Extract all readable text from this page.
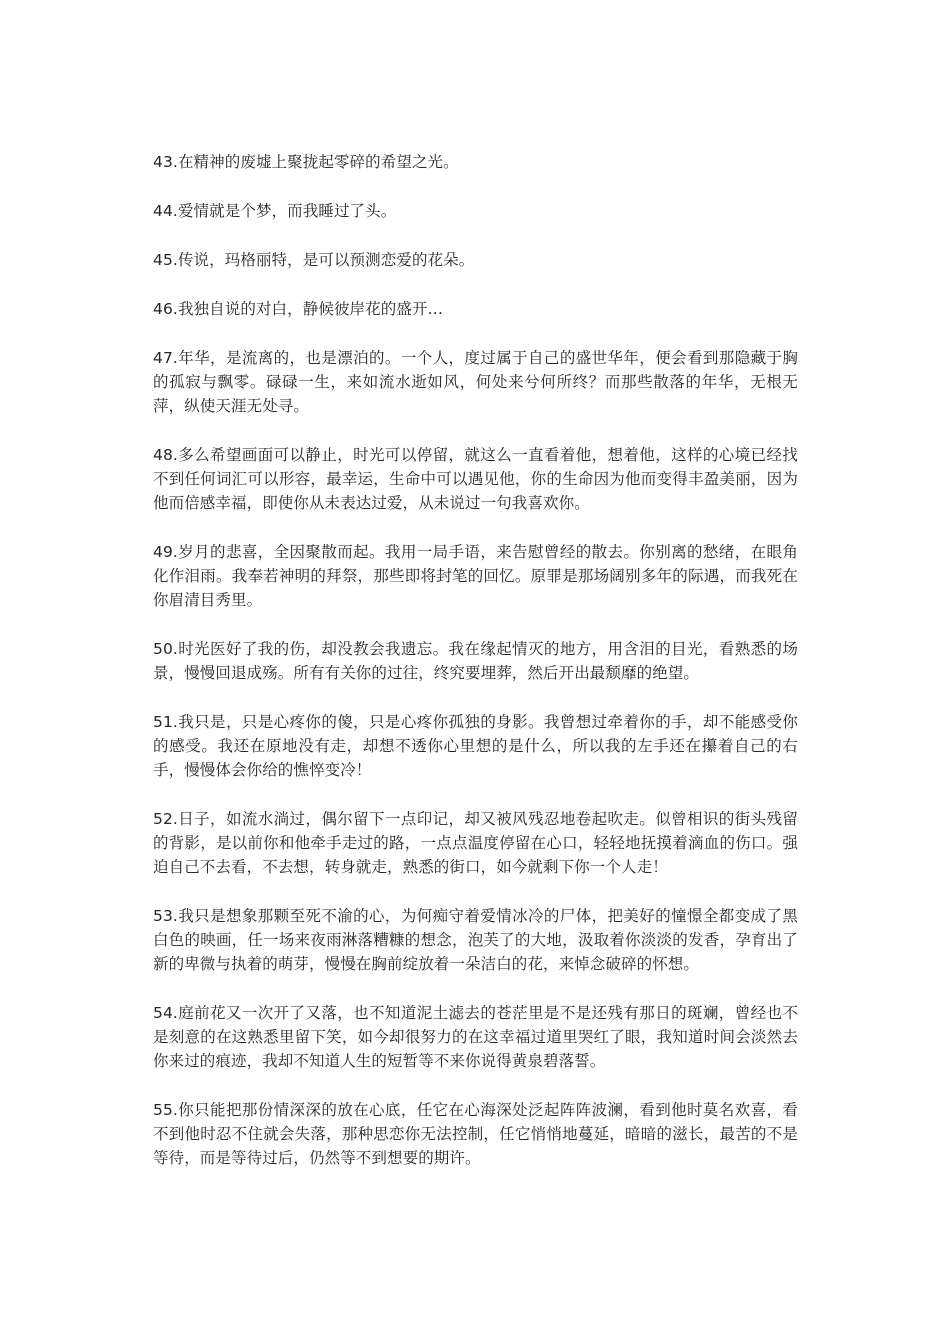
43.在精神的废墟上聚拢起零碎的希望之光。

44.爱情就是个梦，而我睡过了头。

45.传说，玛格丽特，是可以预测恋爱的花朵。

46.我独自说的对白，静候彼岸花的盛开…

47.年华，是流离的，也是漂泊的。一个人，度过属于自己的盛世华年，便会看到那隐藏于胸的孤寂与飘零。碌碌一生，来如流水逝如风，何处来兮何所终？而那些散落的年华，无根无萍，纵使天涯无处寻。

48.多么希望画面可以静止，时光可以停留，就这么一直看着他，想着他，这样的心境已经找不到任何词汇可以形容，最幸运，生命中可以遇见他，你的生命因为他而变得丰盈美丽，因为他而倍感幸福，即使你从未表达过爱，从未说过一句我喜欢你。

49.岁月的悲喜，全因聚散而起。我用一局手语，来告慰曾经的散去。你别离的愁绪，在眼角化作泪雨。我奉若神明的拜祭，那些即将封笔的回忆。原罪是那场阔别多年的际遇，而我死在你眉清目秀里。

50.时光医好了我的伤，却没教会我遗忘。我在缘起情灭的地方，用含泪的目光，看熟悉的场景，慢慢回退成殇。所有有关你的过往，终究要埋葬，然后开出最颓靡的绝望。

51.我只是，只是心疼你的傻，只是心疼你孤独的身影。我曾想过牵着你的手，却不能感受你的感受。我还在原地没有走，却想不透你心里想的是什么，所以我的左手还在攥着自己的右手，慢慢体会你给的憔悴变冷！

52.日子，如流水淌过，偶尔留下一点印记，却又被风残忍地卷起吹走。似曾相识的街头残留的背影，是以前你和他牵手走过的路，一点点温度停留在心口，轻轻地抚摸着滴血的伤口。强迫自己不去看，不去想，转身就走，熟悉的街口，如今就剩下你一个人走！

53.我只是想象那颗至死不渝的心，为何痴守着爱情冰冷的尸体，把美好的憧憬全都变成了黑白色的映画，任一场来夜雨淋落糟糠的想念，泡芙了的大地，汲取着你淡淡的发香，孕育出了新的卑微与执着的萌芽，慢慢在胸前绽放着一朵洁白的花，来悼念破碎的怀想。

54.庭前花又一次开了又落，也不知道泥土滤去的苍茫里是不是还残有那日的斑斓，曾经也不是刻意的在这熟悉里留下笑，如今却很努力的在这幸福过道里哭红了眼，我知道时间会淡然去你来过的痕迹，我却不知道人生的短暂等不来你说得黄泉碧落誓。

55.你只能把那份情深深的放在心底，任它在心海深处泛起阵阵波澜，看到他时莫名欢喜，看不到他时忍不住就会失落，那种思恋你无法控制，任它悄悄地蔓延，暗暗的滋长，最苦的不是等待，而是等待过后，仍然等不到想要的期许。
